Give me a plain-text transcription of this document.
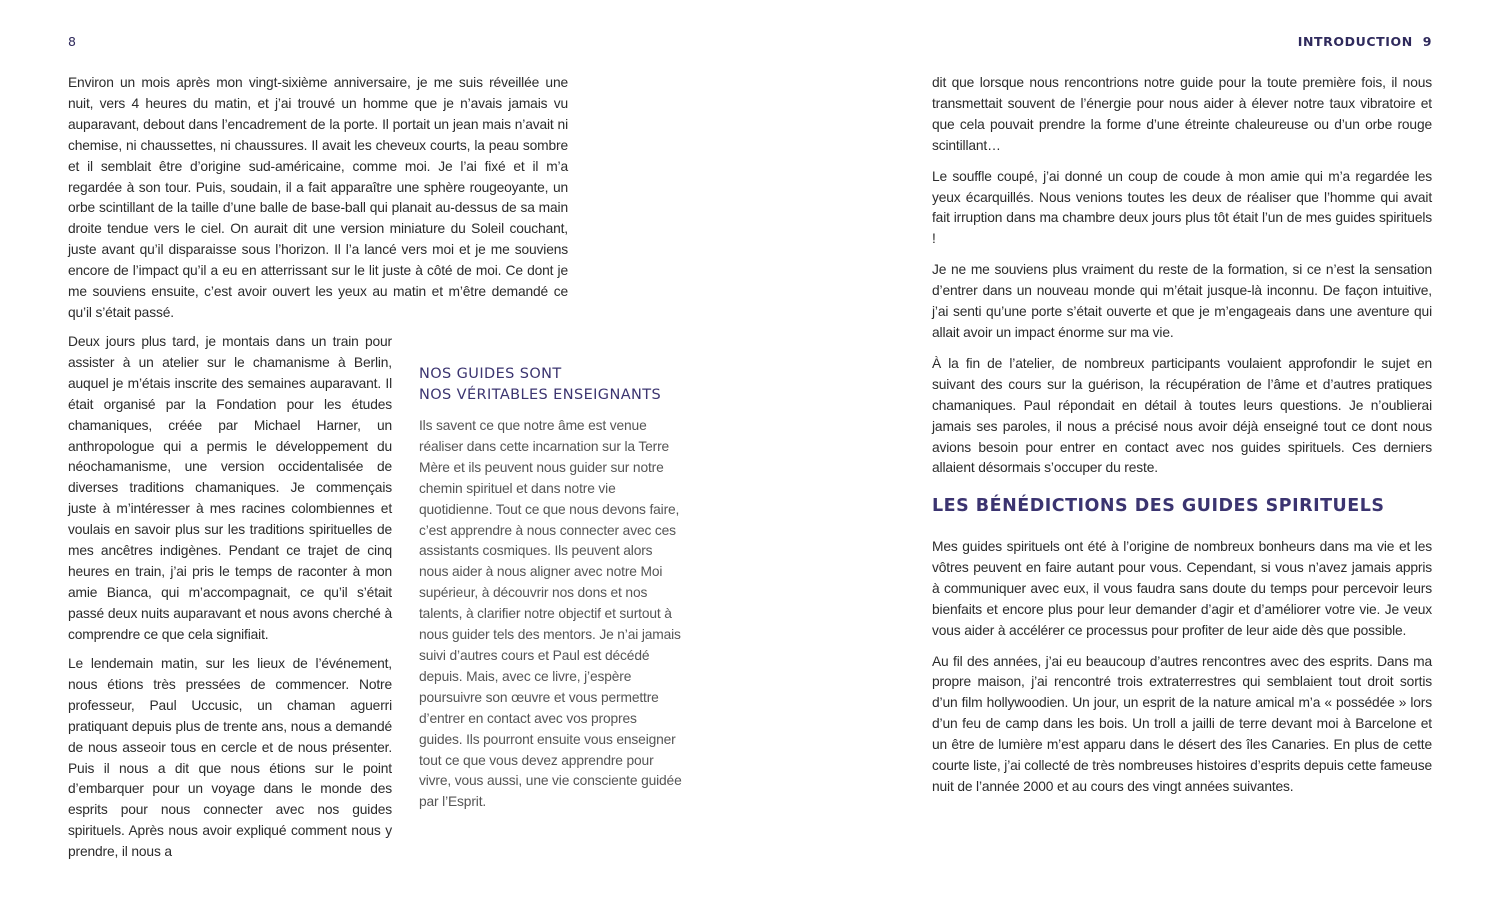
8

Environ un mois après mon vingt-sixième anniversaire, je me suis réveillée une nuit, vers 4 heures du matin, et j’ai trouvé un homme que je n’avais jamais vu auparavant, debout dans l’encadrement de la porte. Il portait un jean mais n’avait ni chemise, ni chaussettes, ni chaussures. Il avait les cheveux courts, la peau sombre et il semblait être d’origine sud-américaine, comme moi. Je l’ai fixé et il m’a regardée à son tour. Puis, soudain, il a fait apparaître une sphère rougeoyante, un orbe scintillant de la taille d’une balle de base-ball qui planait au-dessus de sa main droite tendue vers le ciel. On aurait dit une version miniature du Soleil couchant, juste avant qu’il disparaisse sous l’horizon. Il l’a lancé vers moi et je me souviens encore de l’impact qu’il a eu en atterrissant sur le lit juste à côté de moi. Ce dont je me souviens ensuite, c’est avoir ouvert les yeux au matin et m’être demandé ce qu’il s’était passé.

Deux jours plus tard, je montais dans un train pour assister à un atelier sur le chamanisme à Berlin, auquel je m’étais inscrite des semaines auparavant. Il était organisé par la Fondation pour les études chamaniques, créée par Michael Harner, un anthropologue qui a permis le développement du néochamanisme, une version occidentalisée de diverses traditions chamaniques. Je commençais juste à m’intéresser à mes racines colombiennes et voulais en savoir plus sur les traditions spirituelles de mes ancêtres indigènes. Pendant ce trajet de cinq heures en train, j’ai pris le temps de raconter à mon amie Bianca, qui m’accompagnait, ce qu’il s’était passé deux nuits auparavant et nous avons cherché à comprendre ce que cela signifiait.

Le lendemain matin, sur les lieux de l’événement, nous étions très pressées de commencer. Notre professeur, Paul Uccusic, un chaman aguerri pratiquant depuis plus de trente ans, nous a demandé de nous asseoir tous en cercle et de nous présenter. Puis il nous a dit que nous étions sur le point d’embarquer pour un voyage dans le monde des esprits pour nous connecter avec nos guides spirituels. Après nous avoir expliqué comment nous y prendre, il nous a

NOS GUIDES SONT

NOS VÉRITABLES ENSEIGNANTS

Ils savent ce que notre âme est venue réaliser dans cette incarnation sur la Terre Mère et ils peuvent nous guider sur notre chemin spirituel et dans notre vie quotidienne. Tout ce que nous devons faire, c’est apprendre à nous connecter avec ces assistants cosmiques. Ils peuvent alors nous aider à nous aligner avec notre Moi supérieur, à découvrir nos dons et nos talents, à clarifier notre objectif et surtout à nous guider tels des mentors. Je n’ai jamais suivi d’autres cours et Paul est décédé depuis. Mais, avec ce livre, j’espère poursuivre son œuvre et vous permettre d’entrer en contact avec vos propres guides. Ils pourront ensuite vous enseigner tout ce que vous devez apprendre pour vivre, vous aussi, une vie consciente guidée par l’Esprit.

INTRODUCTION 9

dit que lorsque nous rencontrions notre guide pour la toute première fois, il nous transmettait souvent de l’énergie pour nous aider à élever notre taux vibratoire et que cela pouvait prendre la forme d’une étreinte chaleureuse ou d’un orbe rouge scintillant…

Le souffle coupé, j’ai donné un coup de coude à mon amie qui m’a regardée les yeux écarquillés. Nous venions toutes les deux de réaliser que l’homme qui avait fait irruption dans ma chambre deux jours plus tôt était l’un de mes guides spirituels !

Je ne me souviens plus vraiment du reste de la formation, si ce n’est la sensation d’entrer dans un nouveau monde qui m’était jusque-là inconnu. De façon intuitive, j’ai senti qu’une porte s’était ouverte et que je m’engageais dans une aventure qui allait avoir un impact énorme sur ma vie.

À la fin de l’atelier, de nombreux participants voulaient approfondir le sujet en suivant des cours sur la guérison, la récupération de l’âme et d’autres pratiques chamaniques. Paul répondait en détail à toutes leurs questions. Je n’oublierai jamais ses paroles, il nous a précisé nous avoir déjà enseigné tout ce dont nous avions besoin pour entrer en contact avec nos guides spirituels. Ces derniers allaient désormais s’occuper du reste.

LES BÉNÉDICTIONS DES GUIDES SPIRITUELS

Mes guides spirituels ont été à l’origine de nombreux bonheurs dans ma vie et les vôtres peuvent en faire autant pour vous. Cependant, si vous n’avez jamais appris à communiquer avec eux, il vous faudra sans doute du temps pour percevoir leurs bienfaits et encore plus pour leur demander d’agir et d’améliorer votre vie. Je veux vous aider à accélérer ce processus pour profiter de leur aide dès que possible.

Au fil des années, j’ai eu beaucoup d’autres rencontres avec des esprits. Dans ma propre maison, j’ai rencontré trois extraterrestres qui semblaient tout droit sortis d’un film hollywoodien. Un jour, un esprit de la nature amical m’a « possédée » lors d’un feu de camp dans les bois. Un troll a jailli de terre devant moi à Barcelone et un être de lumière m’est apparu dans le désert des îles Canaries. En plus de cette courte liste, j’ai collecté de très nombreuses histoires d’esprits depuis cette fameuse nuit de l’année 2000 et au cours des vingt années suivantes.
